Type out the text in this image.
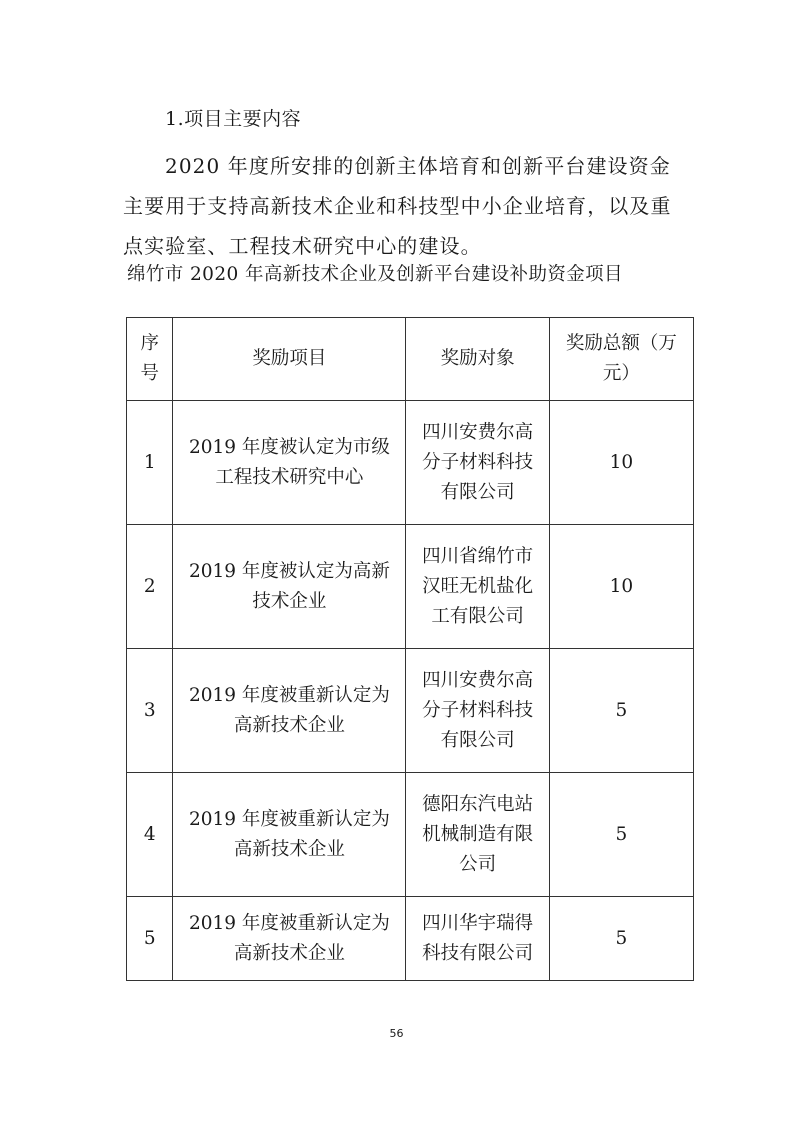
1.项目主要内容

2020 年度所安排的创新主体培育和创新平台建设资金主要用于支持高新技术企业和科技型中小企业培育，以及重点实验室、工程技术研究中心的建设。

绵竹市 2020 年高新技术企业及创新平台建设补助资金项目
序号	奖励项目	奖励对象	奖励总额（万元）
1	2019 年度被认定为市级工程技术研究中心	四川安费尔高分子材料科技有限公司	10
2	2019 年度被认定为高新技术企业	四川省绵竹市汉旺无机盐化工有限公司	10
3	2019 年度被重新认定为高新技术企业	四川安费尔高分子材料科技有限公司	5
4	2019 年度被重新认定为高新技术企业	德阳东汽电站机械制造有限公司	5
5	2019 年度被重新认定为高新技术企业	四川华宇瑞得科技有限公司	5
56
